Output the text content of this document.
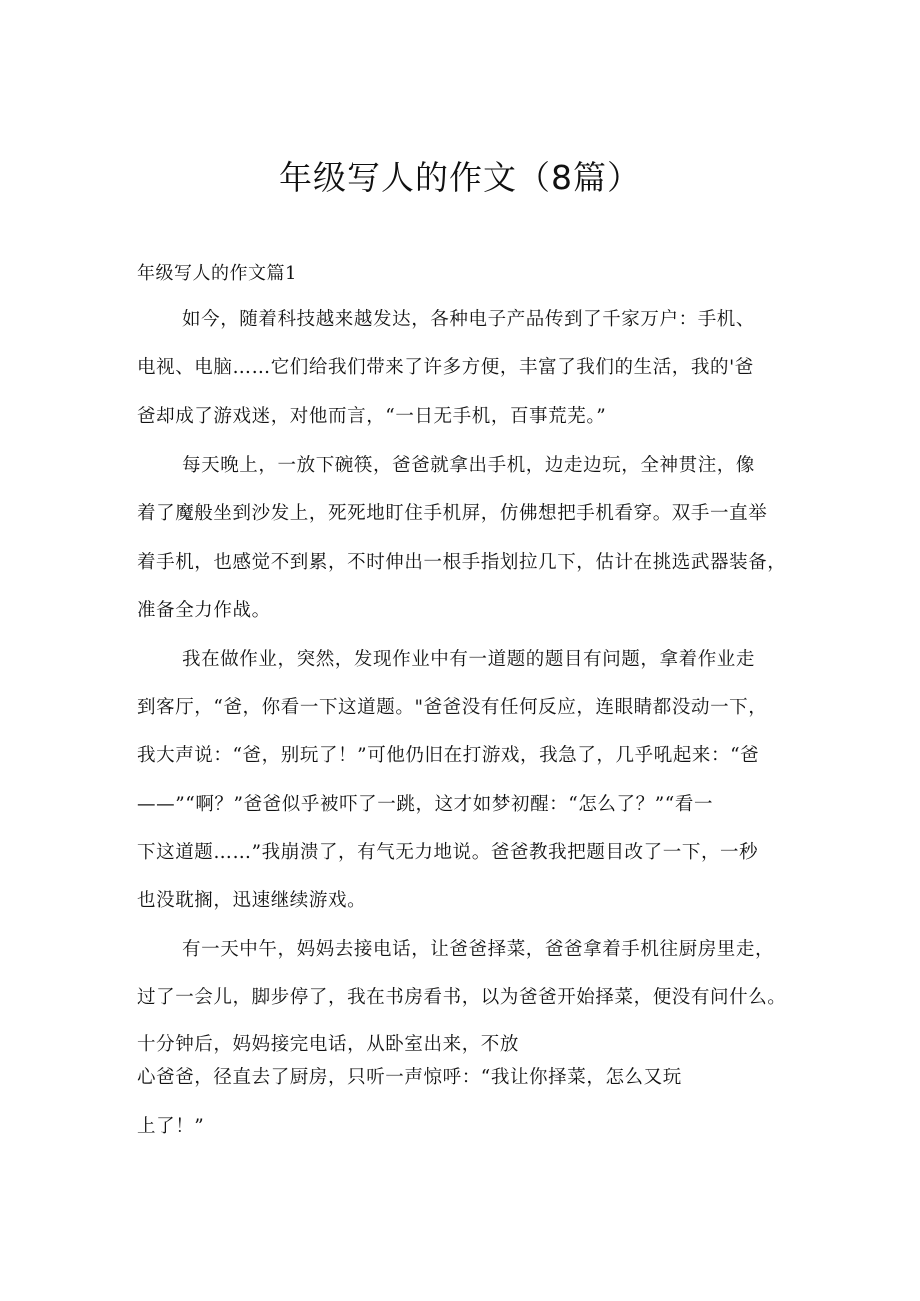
年级写人的作文（8篇）

年级写人的作文篇1

如今，随着科技越来越发达，各种电子产品传到了千家万户：手机、

电视、电脑……它们给我们带来了许多方便，丰富了我们的生活，我的'爸

爸却成了游戏迷，对他而言，“一日无手机，百事荒芜。”

每天晚上，一放下碗筷，爸爸就拿出手机，边走边玩，全神贯注，像

着了魔般坐到沙发上，死死地盯住手机屏，仿佛想把手机看穿。双手一直举

着手机，也感觉不到累，不时伸出一根手指划拉几下，估计在挑选武器装备，

准备全力作战。

我在做作业，突然，发现作业中有一道题的题目有问题，拿着作业走

到客厅，“爸，你看一下这道题。"爸爸没有任何反应，连眼睛都没动一下，

我大声说：“爸，别玩了！”可他仍旧在打游戏，我急了，几乎吼起来：“爸

——”“啊？”爸爸似乎被吓了一跳，这才如梦初醒：“怎么了？”“看一

下这道题……”我崩溃了，有气无力地说。爸爸教我把题目改了一下，一秒

也没耽搁，迅速继续游戏。

有一天中午，妈妈去接电话，让爸爸择菜，爸爸拿着手机往厨房里走，

过了一会儿，脚步停了，我在书房看书，以为爸爸开始择菜，便没有问什么。

十分钟后，妈妈接完电话，从卧室出来，不放

心爸爸，径直去了厨房，只听一声惊呼：“我让你择菜，怎么又玩

上了！”
